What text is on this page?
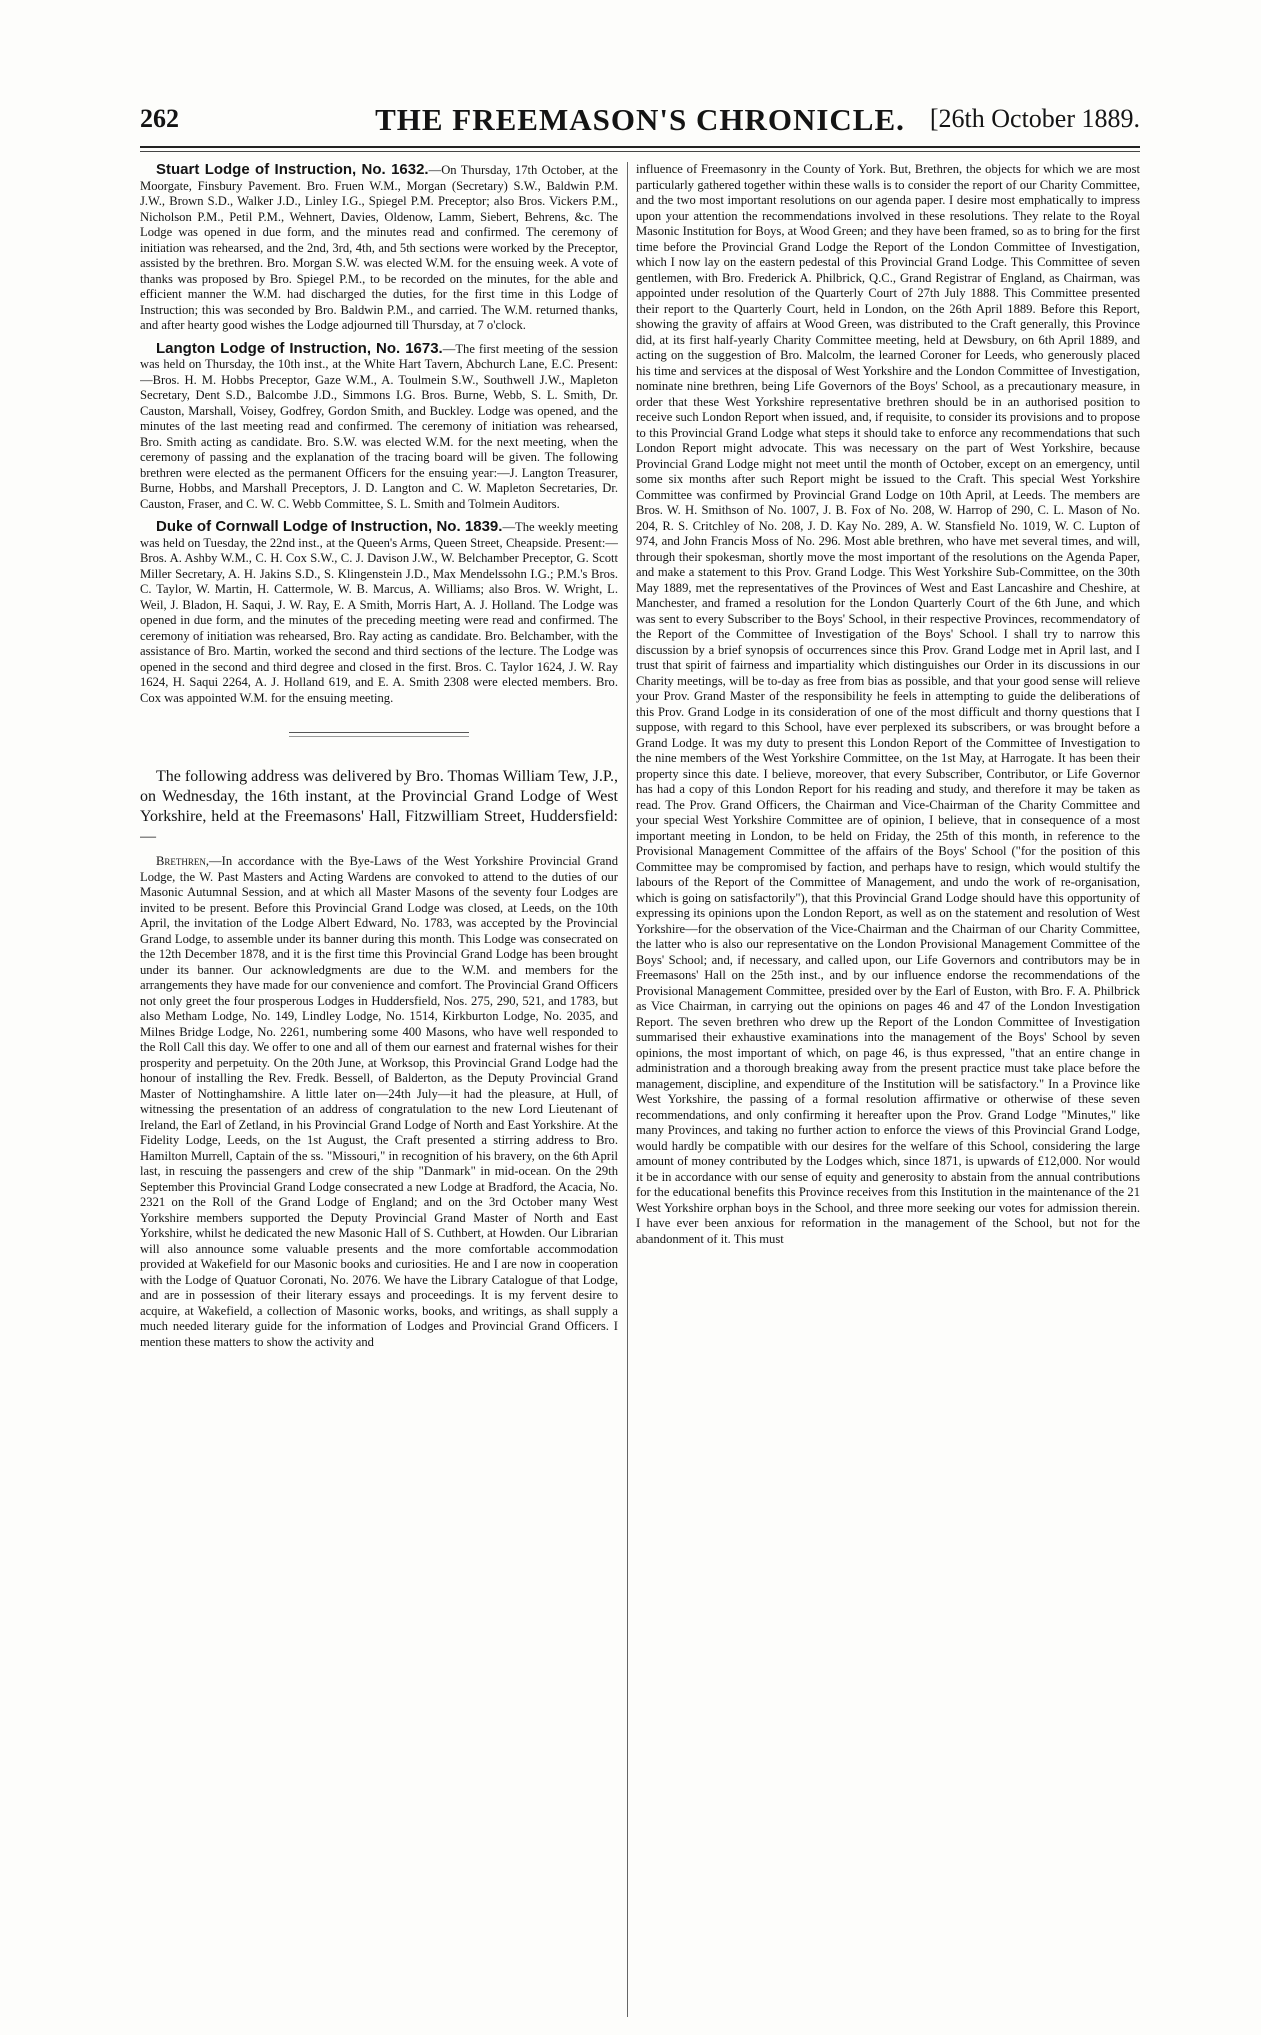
262	THE FREEMASON'S CHRONICLE. [26th October 1889.

Stuart Lodge of Instruction, No. 1632.—On Thursday, 17th October, at the Moorgate, Finsbury Pavement. Bro. Fruen W.M., Morgan (Secretary) S.W., Baldwin P.M. J.W., Brown S.D., Walker J.D., Linley I.G., Spiegel P.M. Preceptor; also Bros. Vickers P.M., Nicholson P.M., Petil P.M., Wehnert, Davies, Oldenow, Lamm, Siebert, Behrens, &c. The Lodge was opened in due form, and the minutes read and confirmed. The ceremony of initiation was rehearsed, and the 2nd, 3rd, 4th, and 5th sections were worked by the Preceptor, assisted by the brethren. Bro. Morgan S.W. was elected W.M. for the ensuing week. A vote of thanks was proposed by Bro. Spiegel P.M., to be recorded on the minutes, for the able and efficient manner the W.M. had discharged the duties, for the first time in this Lodge of Instruction; this was seconded by Bro. Baldwin P.M., and carried. The W.M. returned thanks, and after hearty good wishes the Lodge adjourned till Thursday, at 7 o'clock.

Langton Lodge of Instruction, No. 1673.—The first meeting of the session was held on Thursday, the 10th inst., at the White Hart Tavern, Abchurch Lane, E.C. Present:—Bros. H. M. Hobbs Preceptor, Gaze W.M., A. Toulmein S.W., Southwell J.W., Mapleton Secretary, Dent S.D., Balcombe J.D., Simmons I.G. Bros. Burne, Webb, S. L. Smith, Dr. Causton, Marshall, Voisey, Godfrey, Gordon Smith, and Buckley. Lodge was opened, and the minutes of the last meeting read and confirmed. The ceremony of initiation was rehearsed, Bro. Smith acting as candidate. Bro. S.W. was elected W.M. for the next meeting, when the ceremony of passing and the explanation of the tracing board will be given. The following brethren were elected as the permanent Officers for the ensuing year:—J. Langton Treasurer, Burne, Hobbs, and Marshall Preceptors, J. D. Langton and C. W. Mapleton Secretaries, Dr. Causton, Fraser, and C. W. C. Webb Committee, S. L. Smith and Tolmein Auditors.

Duke of Cornwall Lodge of Instruction, No. 1839.—The weekly meeting was held on Tuesday, the 22nd inst., at the Queen's Arms, Queen Street, Cheapside. Present:—Bros. A. Ashby W.M., C. H. Cox S.W., C. J. Davison J.W., W. Belchamber Preceptor, G. Scott Miller Secretary, A. H. Jakins S.D., S. Klingenstein J.D., Max Mendelssohn I.G.; P.M.'s Bros. C. Taylor, W. Martin, H. Cattermole, W. B. Marcus, A. Williams; also Bros. W. Wright, L. Weil, J. Bladon, H. Saqui, J. W. Ray, E. A Smith, Morris Hart, A. J. Holland. The Lodge was opened in due form, and the minutes of the preceding meeting were read and confirmed. The ceremony of initiation was rehearsed, Bro. Ray acting as candidate. Bro. Belchamber, with the assistance of Bro. Martin, worked the second and third sections of the lecture. The Lodge was opened in the second and third degree and closed in the first. Bros. C. Taylor 1624, J. W. Ray 1624, H. Saqui 2264, A. J. Holland 619, and E. A. Smith 2308 were elected members. Bro. Cox was appointed W.M. for the ensuing meeting.

The following address was delivered by Bro. Thomas William Tew, J.P., on Wednesday, the 16th instant, at the Provincial Grand Lodge of West Yorkshire, held at the Freemasons' Hall, Fitzwilliam Street, Huddersfield:—

Brethren,—In accordance with the Bye-Laws of the West Yorkshire Provincial Grand Lodge, the W. Past Masters and Acting Wardens are convoked to attend to the duties of our Masonic Autumnal Session, and at which all Master Masons of the seventy four Lodges are invited to be present. Before this Provincial Grand Lodge was closed, at Leeds, on the 10th April, the invitation of the Lodge Albert Edward, No. 1783, was accepted by the Provincial Grand Lodge, to assemble under its banner during this month. This Lodge was consecrated on the 12th December 1878, and it is the first time this Provincial Grand Lodge has been brought under its banner. Our acknowledgments are due to the W.M. and members for the arrangements they have made for our convenience and comfort. The Provincial Grand Officers not only greet the four prosperous Lodges in Huddersfield, Nos. 275, 290, 521, and 1783, but also Metham Lodge, No. 149, Lindley Lodge, No. 1514, Kirkburton Lodge, No. 2035, and Milnes Bridge Lodge, No. 2261, numbering some 400 Masons, who have well responded to the Roll Call this day. We offer to one and all of them our earnest and fraternal wishes for their prosperity and perpetuity. On the 20th June, at Worksop, this Provincial Grand Lodge had the honour of installing the Rev. Fredk. Bessell, of Balderton, as the Deputy Provincial Grand Master of Nottinghamshire. A little later on—24th July—it had the pleasure, at Hull, of witnessing the presentation of an address of congratulation to the new Lord Lieutenant of Ireland, the Earl of Zetland, in his Provincial Grand Lodge of North and East Yorkshire. At the Fidelity Lodge, Leeds, on the 1st August, the Craft presented a stirring address to Bro. Hamilton Murrell, Captain of the ss. "Missouri," in recognition of his bravery, on the 6th April last, in rescuing the passengers and crew of the ship "Danmark" in mid-ocean. On the 29th September this Provincial Grand Lodge consecrated a new Lodge at Bradford, the Acacia, No. 2321 on the Roll of the Grand Lodge of England; and on the 3rd October many West Yorkshire members supported the Deputy Provincial Grand Master of North and East Yorkshire, whilst he dedicated the new Masonic Hall of S. Cuthbert, at Howden. Our Librarian will also announce some valuable presents and the more comfortable accommodation provided at Wakefield for our Masonic books and curiosities. He and I are now in cooperation with the Lodge of Quatuor Coronati, No. 2076. We have the Library Catalogue of that Lodge, and are in possession of their literary essays and proceedings. It is my fervent desire to acquire, at Wakefield, a collection of Masonic works, books, and writings, as shall supply a much needed literary guide for the information of Lodges and Provincial Grand Officers. I mention these matters to show the activity and

influence of Freemasonry in the County of York. But, Brethren, the objects for which we are most particularly gathered together within these walls is to consider the report of our Charity Committee, and the two most important resolutions on our agenda paper. I desire most emphatically to impress upon your attention the recommendations involved in these resolutions. They relate to the Royal Masonic Institution for Boys, at Wood Green; and they have been framed, so as to bring for the first time before the Provincial Grand Lodge the Report of the London Committee of Investigation, which I now lay on the eastern pedestal of this Provincial Grand Lodge. This Committee of seven gentlemen, with Bro. Frederick A. Philbrick, Q.C., Grand Registrar of England, as Chairman, was appointed under resolution of the Quarterly Court of 27th July 1888. This Committee presented their report to the Quarterly Court, held in London, on the 26th April 1889. Before this Report, showing the gravity of affairs at Wood Green, was distributed to the Craft generally, this Province did, at its first half-yearly Charity Committee meeting, held at Dewsbury, on 6th April 1889, and acting on the suggestion of Bro. Malcolm, the learned Coroner for Leeds, who generously placed his time and services at the disposal of West Yorkshire and the London Committee of Investigation, nominate nine brethren, being Life Governors of the Boys' School, as a precautionary measure, in order that these West Yorkshire representative brethren should be in an authorised position to receive such London Report when issued, and, if requisite, to consider its provisions and to propose to this Provincial Grand Lodge what steps it should take to enforce any recommendations that such London Report might advocate. This was necessary on the part of West Yorkshire, because Provincial Grand Lodge might not meet until the month of October, except on an emergency, until some six months after such Report might be issued to the Craft. This special West Yorkshire Committee was confirmed by Provincial Grand Lodge on 10th April, at Leeds. The members are Bros. W. H. Smithson of No. 1007, J. B. Fox of No. 208, W. Harrop of 290, C. L. Mason of No. 204, R. S. Critchley of No. 208, J. D. Kay No. 289, A. W. Stansfield No. 1019, W. C. Lupton of 974, and John Francis Moss of No. 296. Most able brethren, who have met several times, and will, through their spokesman, shortly move the most important of the resolutions on the Agenda Paper, and make a statement to this Prov. Grand Lodge. This West Yorkshire Sub-Committee, on the 30th May 1889, met the representatives of the Provinces of West and East Lancashire and Cheshire, at Manchester, and framed a resolution for the London Quarterly Court of the 6th June, and which was sent to every Subscriber to the Boys' School, in their respective Provinces, recommendatory of the Report of the Committee of Investigation of the Boys' School. I shall try to narrow this discussion by a brief synopsis of occurrences since this Prov. Grand Lodge met in April last, and I trust that spirit of fairness and impartiality which distinguishes our Order in its discussions in our Charity meetings, will be to-day as free from bias as possible, and that your good sense will relieve your Prov. Grand Master of the responsibility he feels in attempting to guide the deliberations of this Prov. Grand Lodge in its consideration of one of the most difficult and thorny questions that I suppose, with regard to this School, have ever perplexed its subscribers, or was brought before a Grand Lodge. It was my duty to present this London Report of the Committee of Investigation to the nine members of the West Yorkshire Committee, on the 1st May, at Harrogate. It has been their property since this date. I believe, moreover, that every Subscriber, Contributor, or Life Governor has had a copy of this London Report for his reading and study, and therefore it may be taken as read. The Prov. Grand Officers, the Chairman and Vice-Chairman of the Charity Committee and your special West Yorkshire Committee are of opinion, I believe, that in consequence of a most important meeting in London, to be held on Friday, the 25th of this month, in reference to the Provisional Management Committee of the affairs of the Boys' School ("for the position of this Committee may be compromised by faction, and perhaps have to resign, which would stultify the labours of the Report of the Committee of Management, and undo the work of re-organisation, which is going on satisfactorily"), that this Provincial Grand Lodge should have this opportunity of expressing its opinions upon the London Report, as well as on the statement and resolution of West Yorkshire—for the observation of the Vice-Chairman and the Chairman of our Charity Committee, the latter who is also our representative on the London Provisional Management Committee of the Boys' School; and, if necessary, and called upon, our Life Governors and contributors may be in Freemasons' Hall on the 25th inst., and by our influence endorse the recommendations of the Provisional Management Committee, presided over by the Earl of Euston, with Bro. F. A. Philbrick as Vice Chairman, in carrying out the opinions on pages 46 and 47 of the London Investigation Report. The seven brethren who drew up the Report of the London Committee of Investigation summarised their exhaustive examinations into the management of the Boys' School by seven opinions, the most important of which, on page 46, is thus expressed, "that an entire change in administration and a thorough breaking away from the present practice must take place before the management, discipline, and expenditure of the Institution will be satisfactory." In a Province like West Yorkshire, the passing of a formal resolution affirmative or otherwise of these seven recommendations, and only confirming it hereafter upon the Prov. Grand Lodge "Minutes," like many Provinces, and taking no further action to enforce the views of this Provincial Grand Lodge, would hardly be compatible with our desires for the welfare of this School, considering the large amount of money contributed by the Lodges which, since 1871, is upwards of £12,000. Nor would it be in accordance with our sense of equity and generosity to abstain from the annual contributions for the educational benefits this Province receives from this Institution in the maintenance of the 21 West Yorkshire orphan boys in the School, and three more seeking our votes for admission therein. I have ever been anxious for reformation in the management of the School, but not for the abandonment of it. This must
